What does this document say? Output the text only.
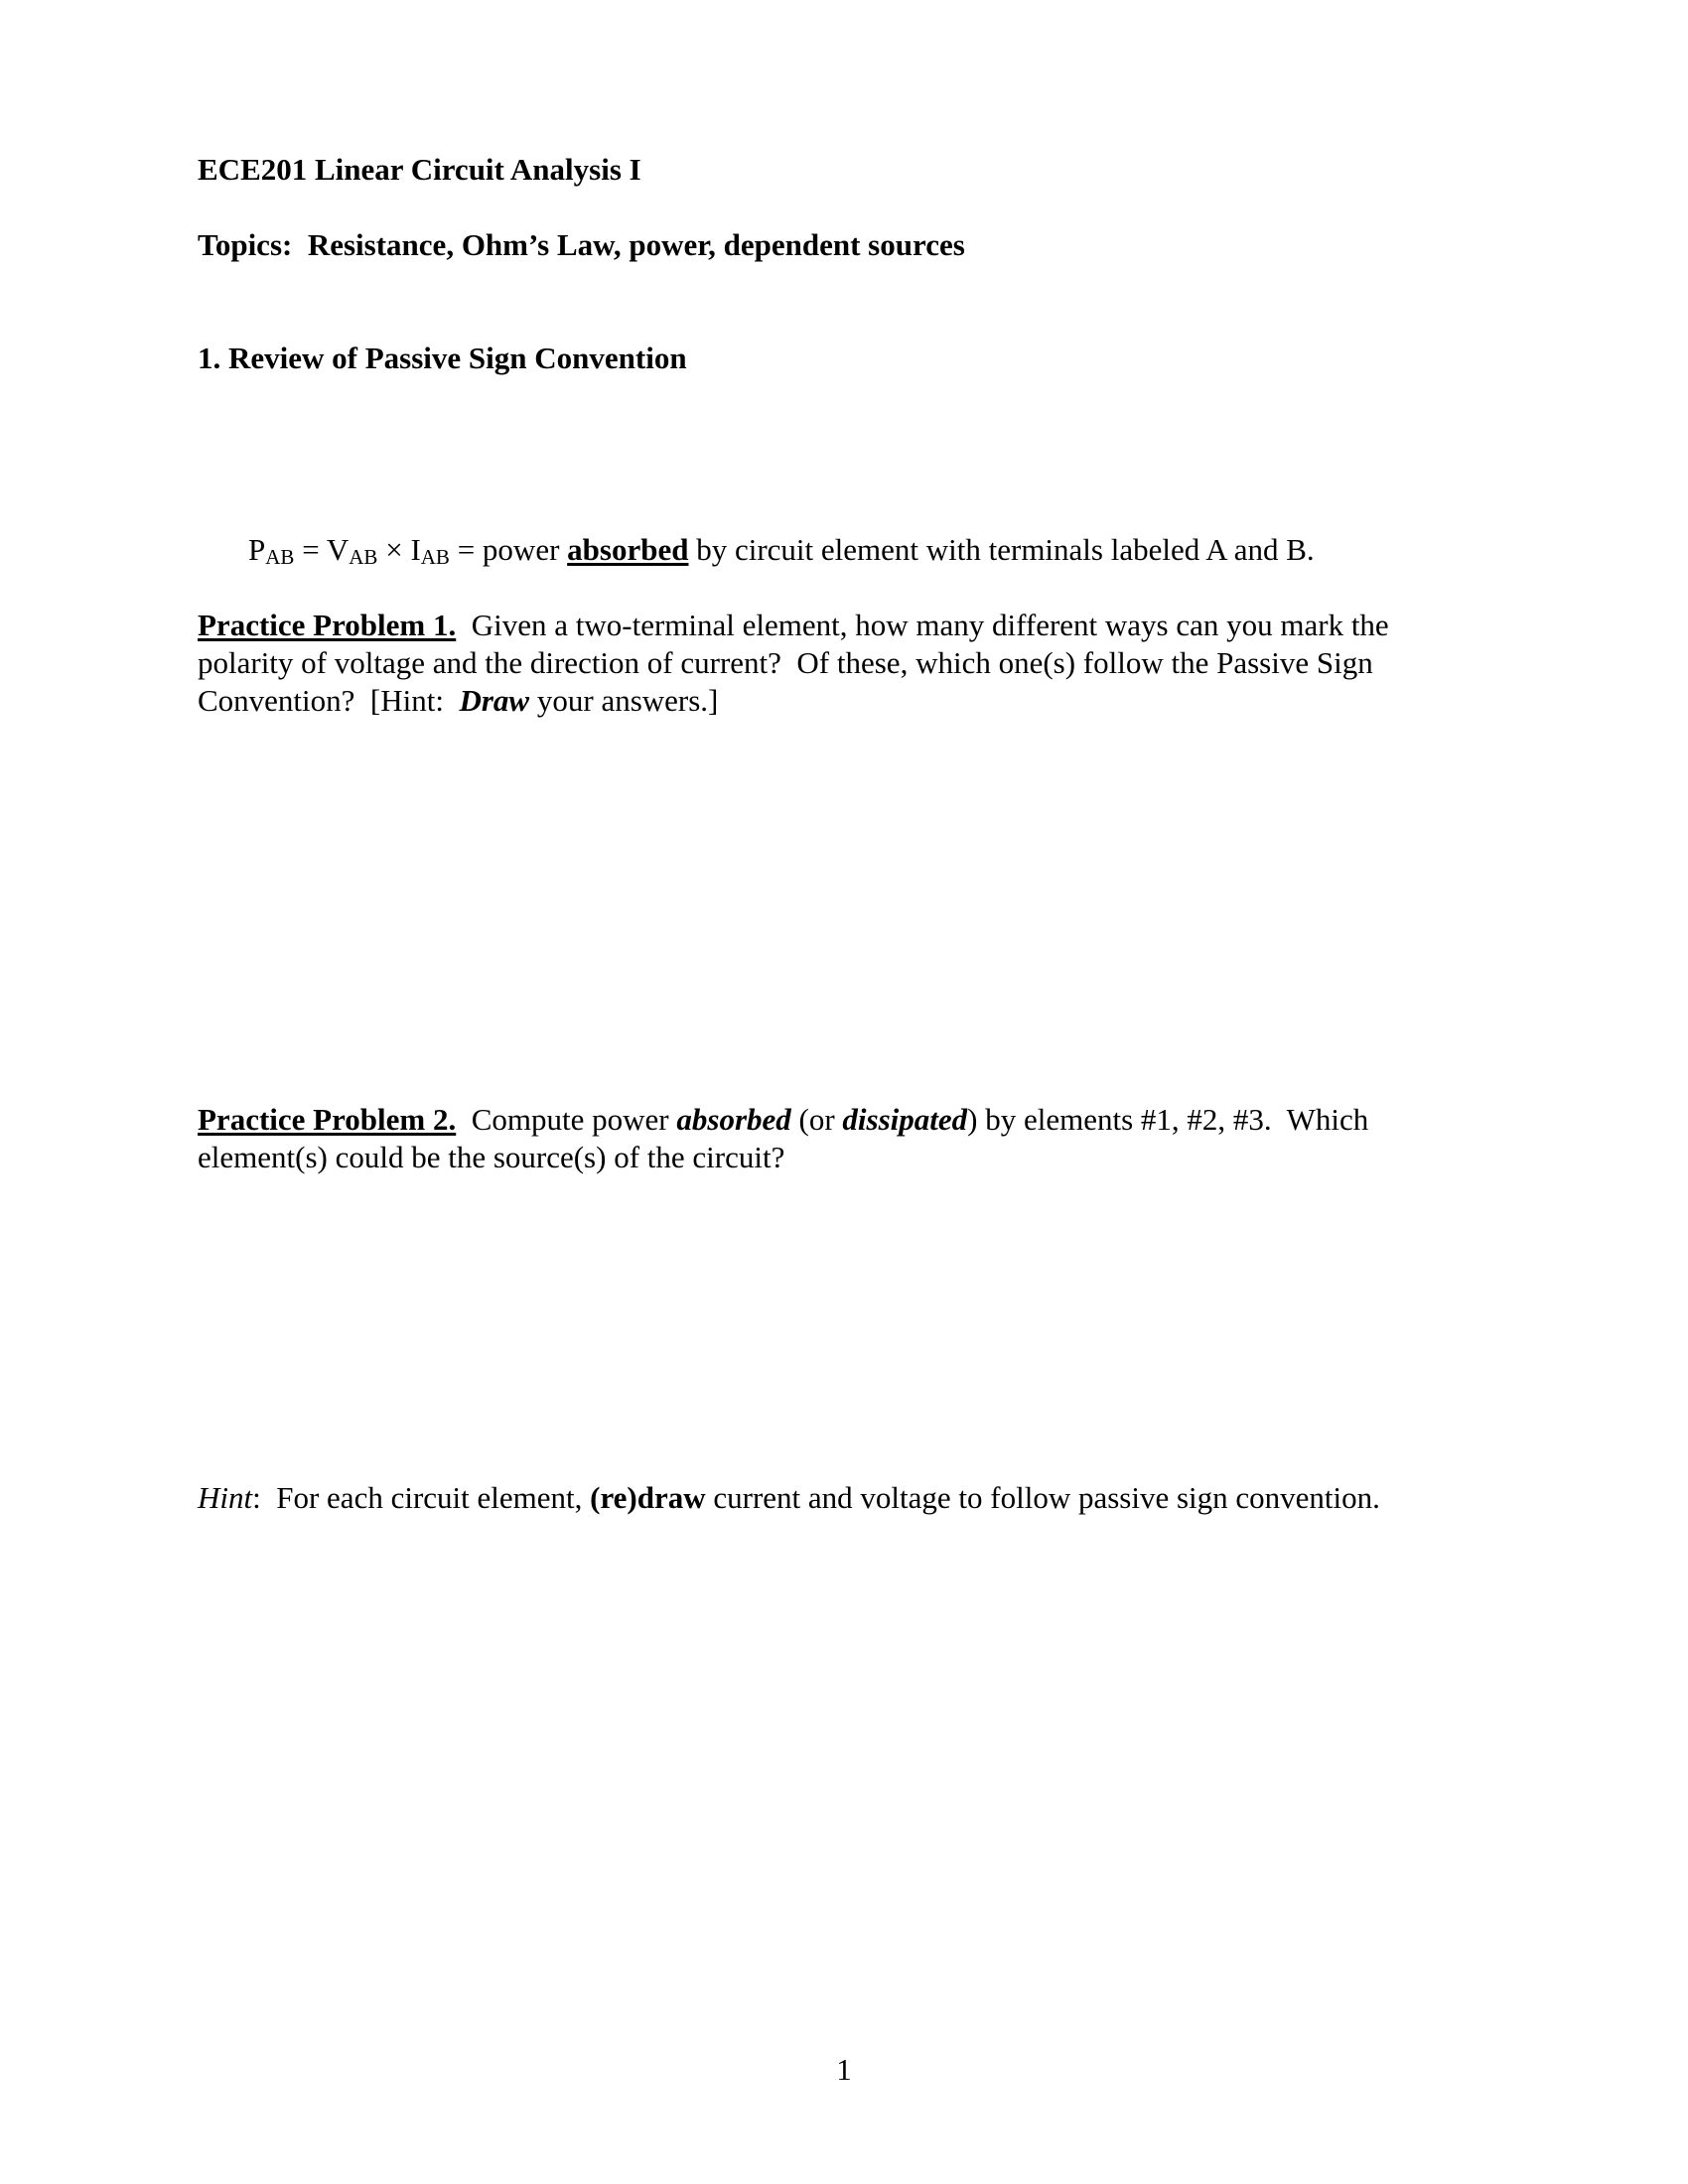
ECE201 Linear Circuit Analysis I
Topics: Resistance, Ohm’s Law, power, dependent sources
1. Review of Passive Sign Convention
$P_{AB} = V_{AB} \times I_{AB}$ = power absorbed by circuit element with terminals labeled A and B.
Practice Problem 1.  Given a two-terminal element, how many different ways can you mark the polarity of voltage and the direction of current?  Of these, which one(s) follow the Passive Sign Convention?  [Hint:  Draw your answers.]
Practice Problem 2.  Compute power absorbed (or dissipated) by elements #1, #2, #3.  Which element(s) could be the source(s) of the circuit?
Hint:  For each circuit element, (re)draw current and voltage to follow passive sign convention.
1
